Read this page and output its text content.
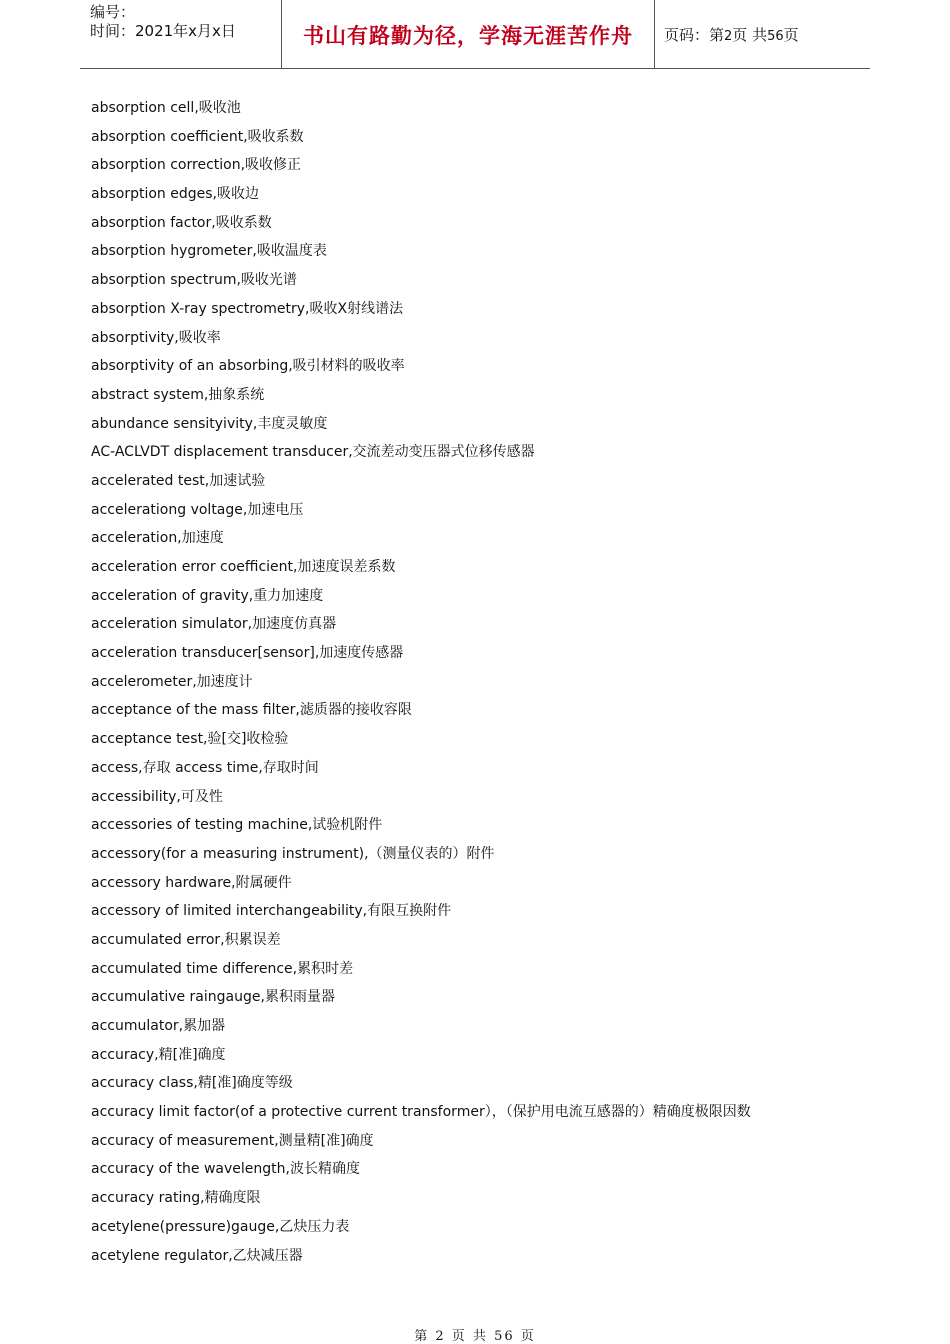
编号：
时间：2021年x月x日	书山有路勤为径，学海无涯苦作舟	页码：第2页 共56页
absorption cell,吸收池
absorption coefficient,吸收系数
absorption correction,吸收修正
absorption edges,吸收边
absorption factor,吸收系数
absorption hygrometer,吸收温度表
absorption spectrum,吸收光谱
absorption X-ray spectrometry,吸收X射线谱法
absorptivity,吸收率
absorptivity of an absorbing,吸引材料的吸收率
abstract system,抽象系统
abundance sensityivity,丰度灵敏度
AC-ACLVDT displacement transducer,交流差动变压器式位移传感器
accelerated test,加速试验
accelerationg voltage,加速电压
acceleration,加速度
acceleration error coefficient,加速度误差系数
acceleration of gravity,重力加速度
acceleration simulator,加速度仿真器
acceleration transducer[sensor],加速度传感器
accelerometer,加速度计
acceptance of the mass filter,滤质器的接收容限
acceptance test,验[交]收检验
access,存取 access time,存取时间
accessibility,可及性
accessories of testing machine,试验机附件
accessory(for a measuring instrument),（测量仪表的）附件
accessory hardware,附属硬件
accessory of limited interchangeability,有限互换附件
accumulated error,积累误差
accumulated time difference,累积时差
accumulative raingauge,累积雨量器
accumulator,累加器
accuracy,精[准]确度
accuracy class,精[准]确度等级
accuracy limit factor(of a protective current transformer），（保护用电流互感器的）精确度极限因数
accuracy of measurement,测量精[准]确度
accuracy of the wavelength,波长精确度
accuracy rating,精确度限
acetylene(pressure)gauge,乙炔压力表
acetylene regulator,乙炔减压器
第 2 页 共 56 页
